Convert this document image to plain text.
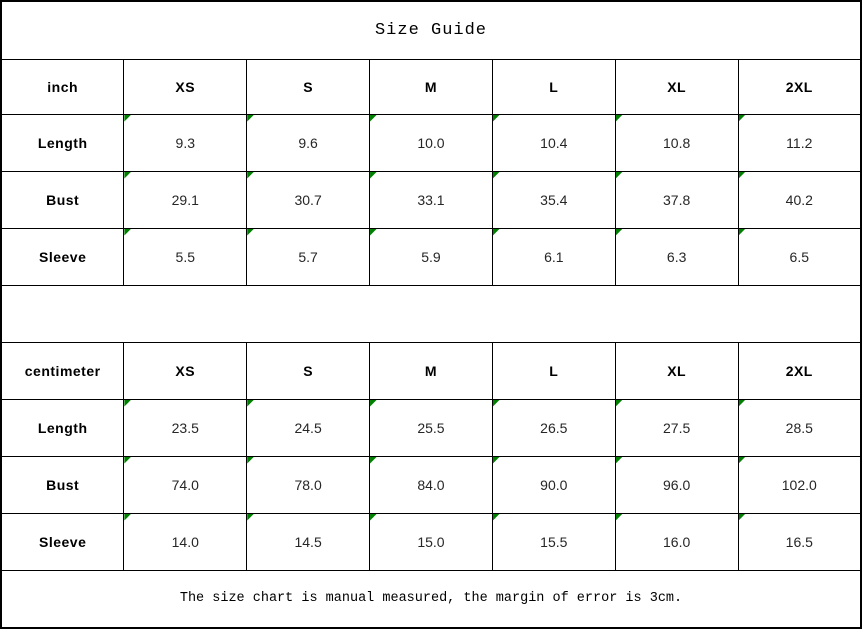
Size Guide						
inch	XS	S	M	L	XL	2XL
Length	9.3	9.6	10.0	10.4	10.8	11.2
Bust	29.1	30.7	33.1	35.4	37.8	40.2
Sleeve	5.5	5.7	5.9	6.1	6.3	6.5

centimeter	XS	S	M	L	XL	2XL
Length	23.5	24.5	25.5	26.5	27.5	28.5
Bust	74.0	78.0	84.0	90.0	96.0	102.0
Sleeve	14.0	14.5	15.0	15.5	16.0	16.5
The size chart is manual measured, the margin of error is 3cm.						
